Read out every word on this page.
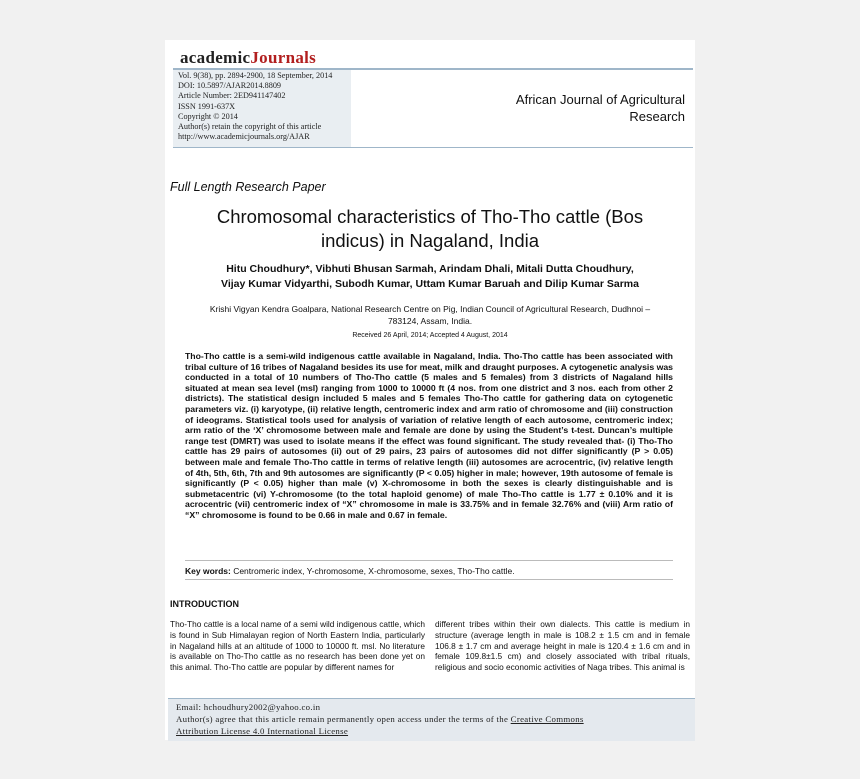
academicJournals
Vol. 9(38), pp. 2894-2900, 18 September, 2014
DOI: 10.5897/AJAR2014.8809
Article Number: 2ED941147402
ISSN 1991-637X
Copyright © 2014
Author(s) retain the copyright of this article
http://www.academicjournals.org/AJAR
African Journal of Agricultural
Research
Full Length Research Paper
Chromosomal characteristics of Tho-Tho cattle (Bos
indicus) in Nagaland, India
Hitu Choudhury*, Vibhuti Bhusan Sarmah, Arindam Dhali, Mitali Dutta Choudhury,
Vijay Kumar Vidyarthi, Subodh Kumar, Uttam Kumar Baruah and Dilip Kumar Sarma
Krishi Vigyan Kendra Goalpara, National Research Centre on Pig, Indian Council of Agricultural Research, Dudhnoi –
783124, Assam, India.
Received 26 April, 2014; Accepted 4 August, 2014
Tho-Tho cattle is a semi-wild indigenous cattle available in Nagaland, India. Tho-Tho cattle has been associated with tribal culture of 16 tribes of Nagaland besides its use for meat, milk and draught purposes. A cytogenetic analysis was conducted in a total of 10 numbers of Tho-Tho cattle (5 males and 5 females) from 3 districts of Nagaland hills situated at mean sea level (msl) ranging from 1000 to 10000 ft (4 nos. from one district and 3 nos. each from other 2 districts). The statistical design included 5 males and 5 females Tho-Tho cattle for gathering data on cytogenetic parameters viz. (i) karyotype, (ii) relative length, centromeric index and arm ratio of chromosome and (iii) construction of ideograms. Statistical tools used for analysis of variation of relative length of each autosome, centromeric index; arm ratio of the ‘X’ chromosome between male and female are done by using the Student’s t-test. Duncan’s multiple range test (DMRT) was used to isolate means if the effect was found significant. The study revealed that- (i) Tho-Tho cattle has 29 pairs of autosomes (ii) out of 29 pairs, 23 pairs of autosomes did not differ significantly (P > 0.05) between male and female Tho-Tho cattle in terms of relative length (iii) autosomes are acrocentric, (iv) relative length of 4th, 5th, 6th, 7th and 9th autosomes are significantly (P < 0.05) higher in male; however, 19th autosome of female is significantly (P < 0.05) higher than male (v) X-chromosome in both the sexes is clearly distinguishable and is submetacentric (vi) Y-chromosome (to the total haploid genome) of male Tho-Tho cattle is 1.77 ± 0.10% and it is acrocentric (vii) centromeric index of “X” chromosome in male is 33.75% and in female 32.76% and (viii) Arm ratio of “X” chromosome is found to be 0.66 in male and 0.67 in female.
Key words: Centromeric index, Y-chromosome, X-chromosome, sexes, Tho-Tho cattle.
INTRODUCTION
Tho-Tho cattle is a local name of a semi wild indigenous cattle, which is found in Sub Himalayan region of North Eastern India, particularly in Nagaland hills at an altitude of 1000 to 10000 ft. msl. No literature is available on Tho-Tho cattle as no research has been done yet on this animal. Tho-Tho cattle are popular by different names for
different tribes within their own dialects. This cattle is medium in structure (average length in male is 108.2 ± 1.5 cm and in female 106.8 ± 1.7 cm and average height in male is 120.4 ± 1.6 cm and in female 109.8±1.5 cm) and closely associated with tribal rituals, religious and socio economic activities of Naga tribes. This animal is
Email: hchoudhury2002@yahoo.co.in
Author(s) agree that this article remain permanently open access under the terms of the Creative Commons
Attribution License 4.0 International License
